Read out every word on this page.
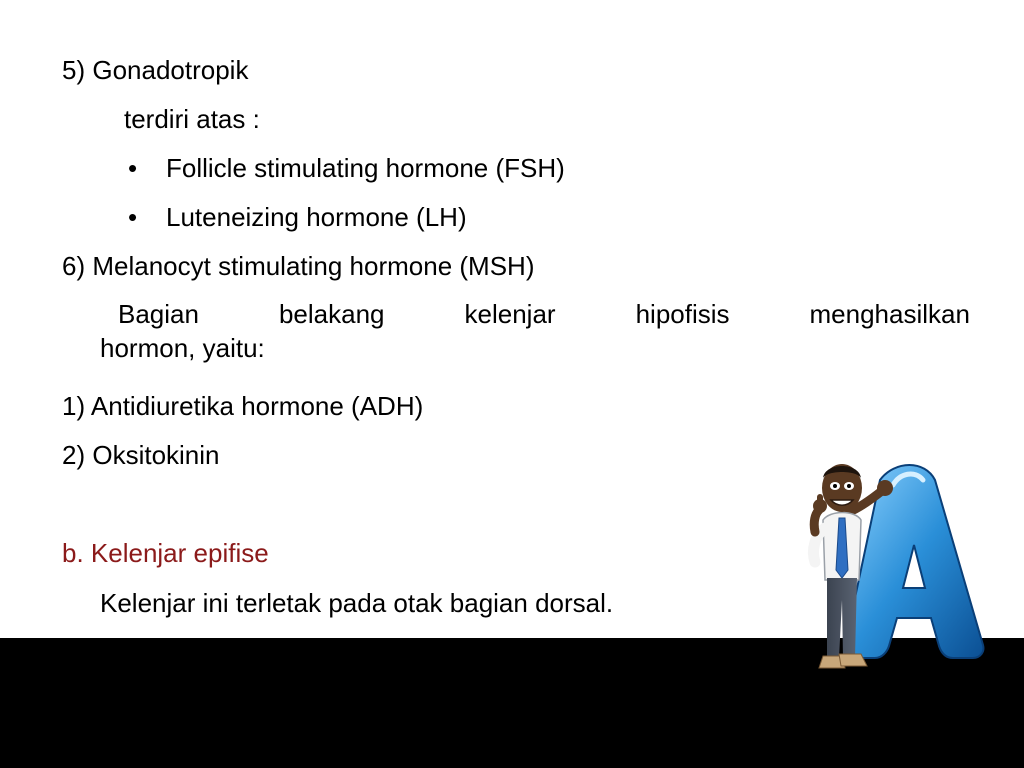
5) Gonadotropik
terdiri atas :
• Follicle stimulating hormone (FSH)
• Luteneizing hormone (LH)
6) Melanocyt stimulating hormone (MSH)
Bagian	belakang	kelenjar	hipofisis	menghasilkan
hormon, yaitu:
1) Antidiuretika hormone (ADH)
2) Oksitokinin
b. Kelenjar epifise
Kelenjar ini terletak pada otak bagian dorsal.
